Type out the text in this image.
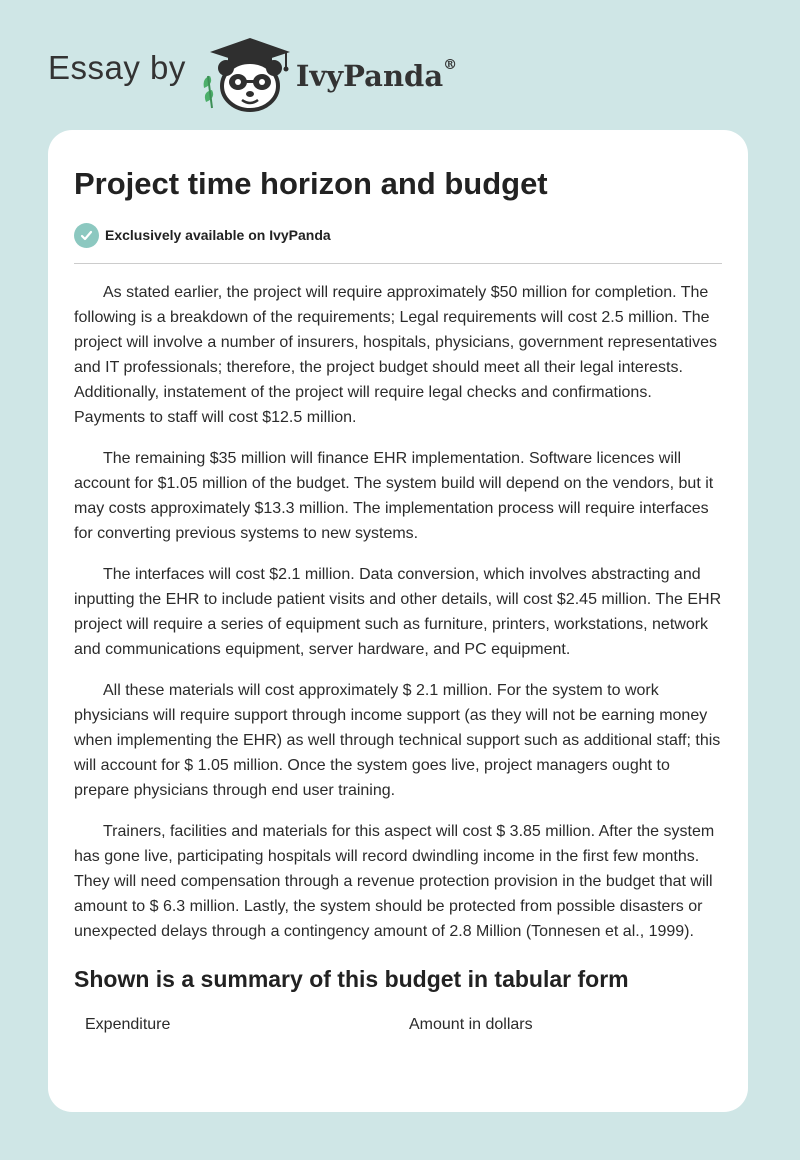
Essay by	IvyPanda®
Project time horizon and budget
Exclusively available on IvyPanda

As stated earlier, the project will require approximately $50 million for completion. The following is a breakdown of the requirements; Legal requirements will cost 2.5 million. The project will involve a number of insurers, hospitals, physicians, government representatives and IT professionals; therefore, the project budget should meet all their legal interests. Additionally, instatement of the project will require legal checks and confirmations. Payments to staff will cost $12.5 million.

The remaining $35 million will finance EHR implementation. Software licences will account for $1.05 million of the budget. The system build will depend on the vendors, but it may costs approximately $13.3 million. The implementation process will require interfaces for converting previous systems to new systems.

The interfaces will cost $2.1 million. Data conversion, which involves abstracting and inputting the EHR to include patient visits and other details, will cost $2.45 million. The EHR project will require a series of equipment such as furniture, printers, workstations, network and communications equipment, server hardware, and PC equipment.

All these materials will cost approximately $ 2.1 million. For the system to work physicians will require support through income support (as they will not be earning money when implementing the EHR) as well through technical support such as additional staff; this will account for $ 1.05 million. Once the system goes live, project managers ought to prepare physicians through end user training.

Trainers, facilities and materials for this aspect will cost $ 3.85 million. After the system has gone live, participating hospitals will record dwindling income in the first few months. They will need compensation through a revenue protection provision in the budget that will amount to $ 6.3 million. Lastly, the system should be protected from possible disasters or unexpected delays through a contingency amount of 2.8 Million (Tonnesen et al., 1999).

Shown is a summary of this budget in tabular form
Expenditure	Amount in dollars
